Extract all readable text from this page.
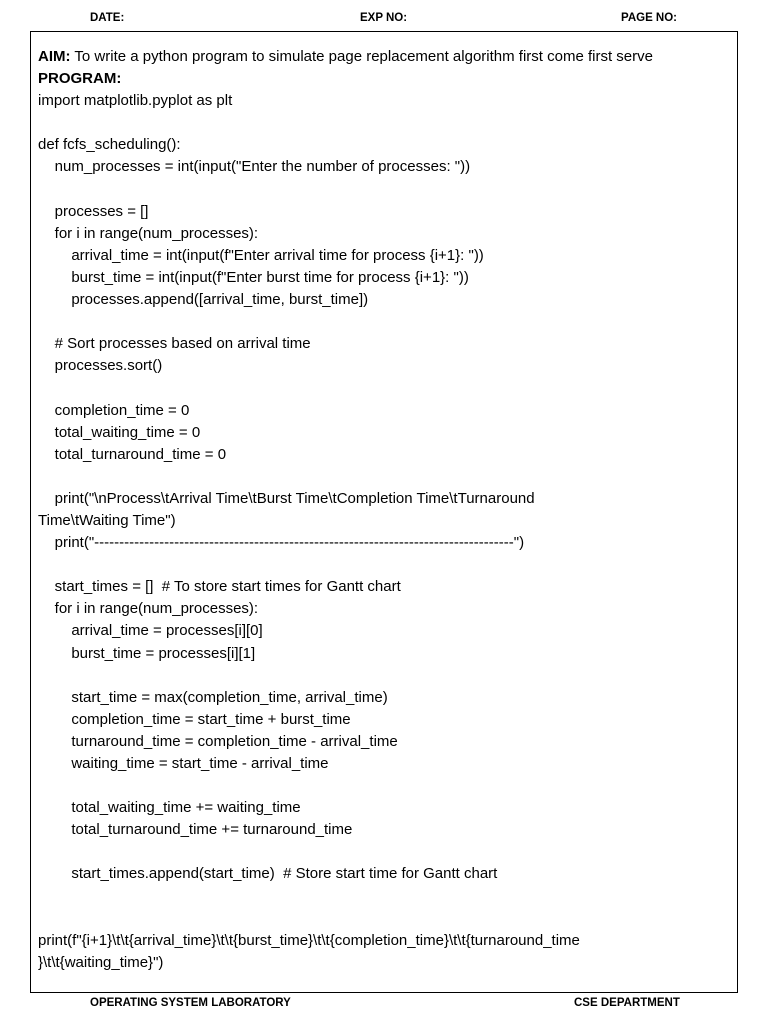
DATE:	EXP NO:	PAGE NO:
AIM: To write a python program to simulate page replacement algorithm first come first serve
PROGRAM:
import matplotlib.pyplot as plt
def fcfs_scheduling():
num_processes = int(input("Enter the number of processes: "))
processes = []
for i in range(num_processes):
arrival_time = int(input(f"Enter arrival time for process {i+1}: "))
burst_time = int(input(f"Enter burst time for process {i+1}: "))
processes.append([arrival_time, burst_time])
# Sort processes based on arrival time
processes.sort()
completion_time = 0
total_waiting_time = 0
total_turnaround_time = 0
print("\nProcess\tArrival Time\tBurst Time\tCompletion Time\tTurnaround
Time\tWaiting Time")
print("------------------------------------------------------------------------------------")
start_times = []  # To store start times for Gantt chart
for i in range(num_processes):
arrival_time = processes[i][0]
burst_time = processes[i][1]
start_time = max(completion_time, arrival_time)
completion_time = start_time + burst_time
turnaround_time = completion_time - arrival_time
waiting_time = start_time - arrival_time
total_waiting_time += waiting_time
total_turnaround_time += turnaround_time
start_times.append(start_time)  # Store start time for Gantt chart
print(f"{i+1}\t\t{arrival_time}\t\t{burst_time}\t\t{completion_time}\t\t{turnaround_time
}\t\t{waiting_time}")
OPERATING SYSTEM LABORATORY	CSE DEPARTMENT
